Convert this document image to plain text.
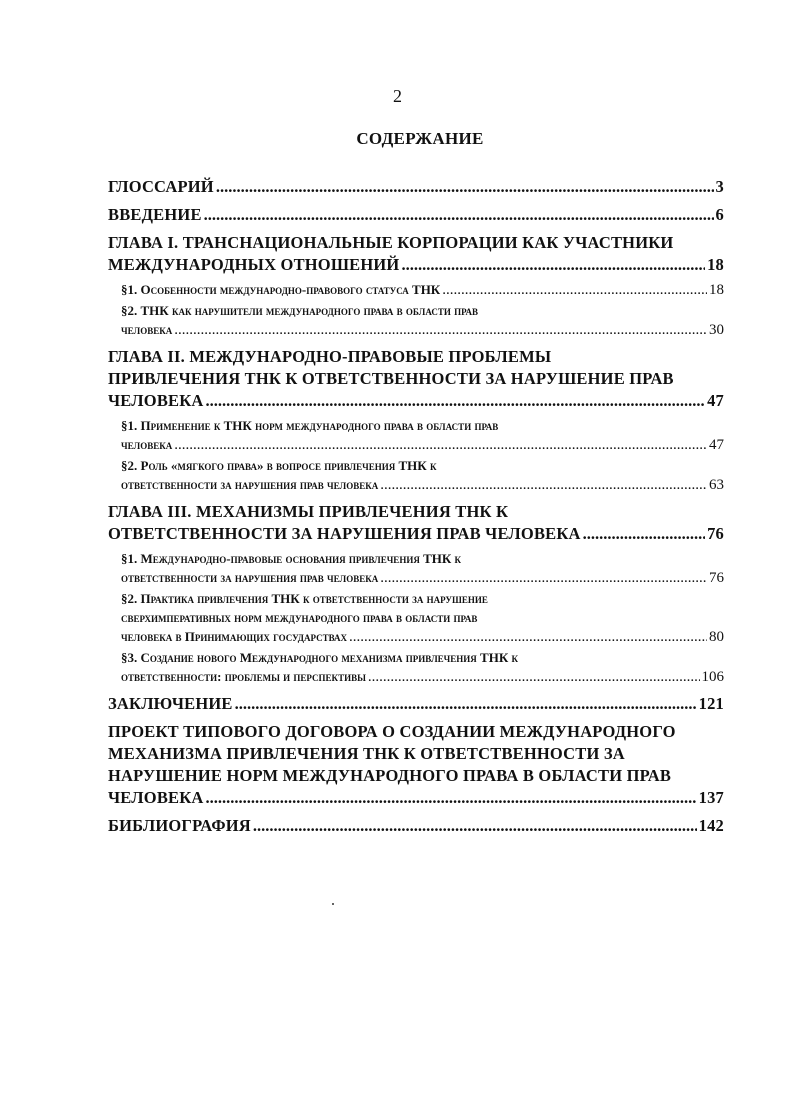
2
СОДЕРЖАНИЕ
ГЛОССАРИЙ .....	3
ВВЕДЕНИЕ .....	6
ГЛАВА I. ТРАНСНАЦИОНАЛЬНЫЕ КОРПОРАЦИИ КАК УЧАСТНИКИ
МЕЖДУНАРОДНЫХ ОТНОШЕНИЙ .....	18
§1. Особенности международно-правового статуса ТНК .....	18
§2. ТНК как нарушители международного права в области прав
человека .....	30
ГЛАВА II. МЕЖДУНАРОДНО-ПРАВОВЫЕ ПРОБЛЕМЫ
ПРИВЛЕЧЕНИЯ ТНК К ОТВЕТСТВЕННОСТИ ЗА НАРУШЕНИЕ ПРАВ
ЧЕЛОВЕКА .....	47
§1. Применение к ТНК норм международного права в области прав
человека .....	47
§2. Роль «мягкого права» в вопросе привлечения ТНК к
ответственности за нарушения прав человека .....	63
ГЛАВА III. МЕХАНИЗМЫ ПРИВЛЕЧЕНИЯ ТНК К
ОТВЕТСТВЕННОСТИ ЗА НАРУШЕНИЯ ПРАВ ЧЕЛОВЕКА .....	76
§1. Международно-правовые основания привлечения ТНК к
ответственности за нарушения прав человека .....	76
§2. Практика привлечения ТНК к ответственности за нарушение
сверхимперативных норм международного права в области прав
человека в Принимающих государствах .....	80
§3. Создание нового Международного механизма привлечения ТНК к
ответственности: проблемы и перспективы .....	106
ЗАКЛЮЧЕНИЕ .....	121
ПРОЕКТ ТИПОВОГО ДОГОВОРА О СОЗДАНИИ МЕЖДУНАРОДНОГО
МЕХАНИЗМА ПРИВЛЕЧЕНИЯ ТНК К ОТВЕТСТВЕННОСТИ ЗА
НАРУШЕНИЕ НОРМ МЕЖДУНАРОДНОГО ПРАВА В ОБЛАСТИ ПРАВ
ЧЕЛОВЕКА .....	137
БИБЛИОГРАФИЯ .....	142
